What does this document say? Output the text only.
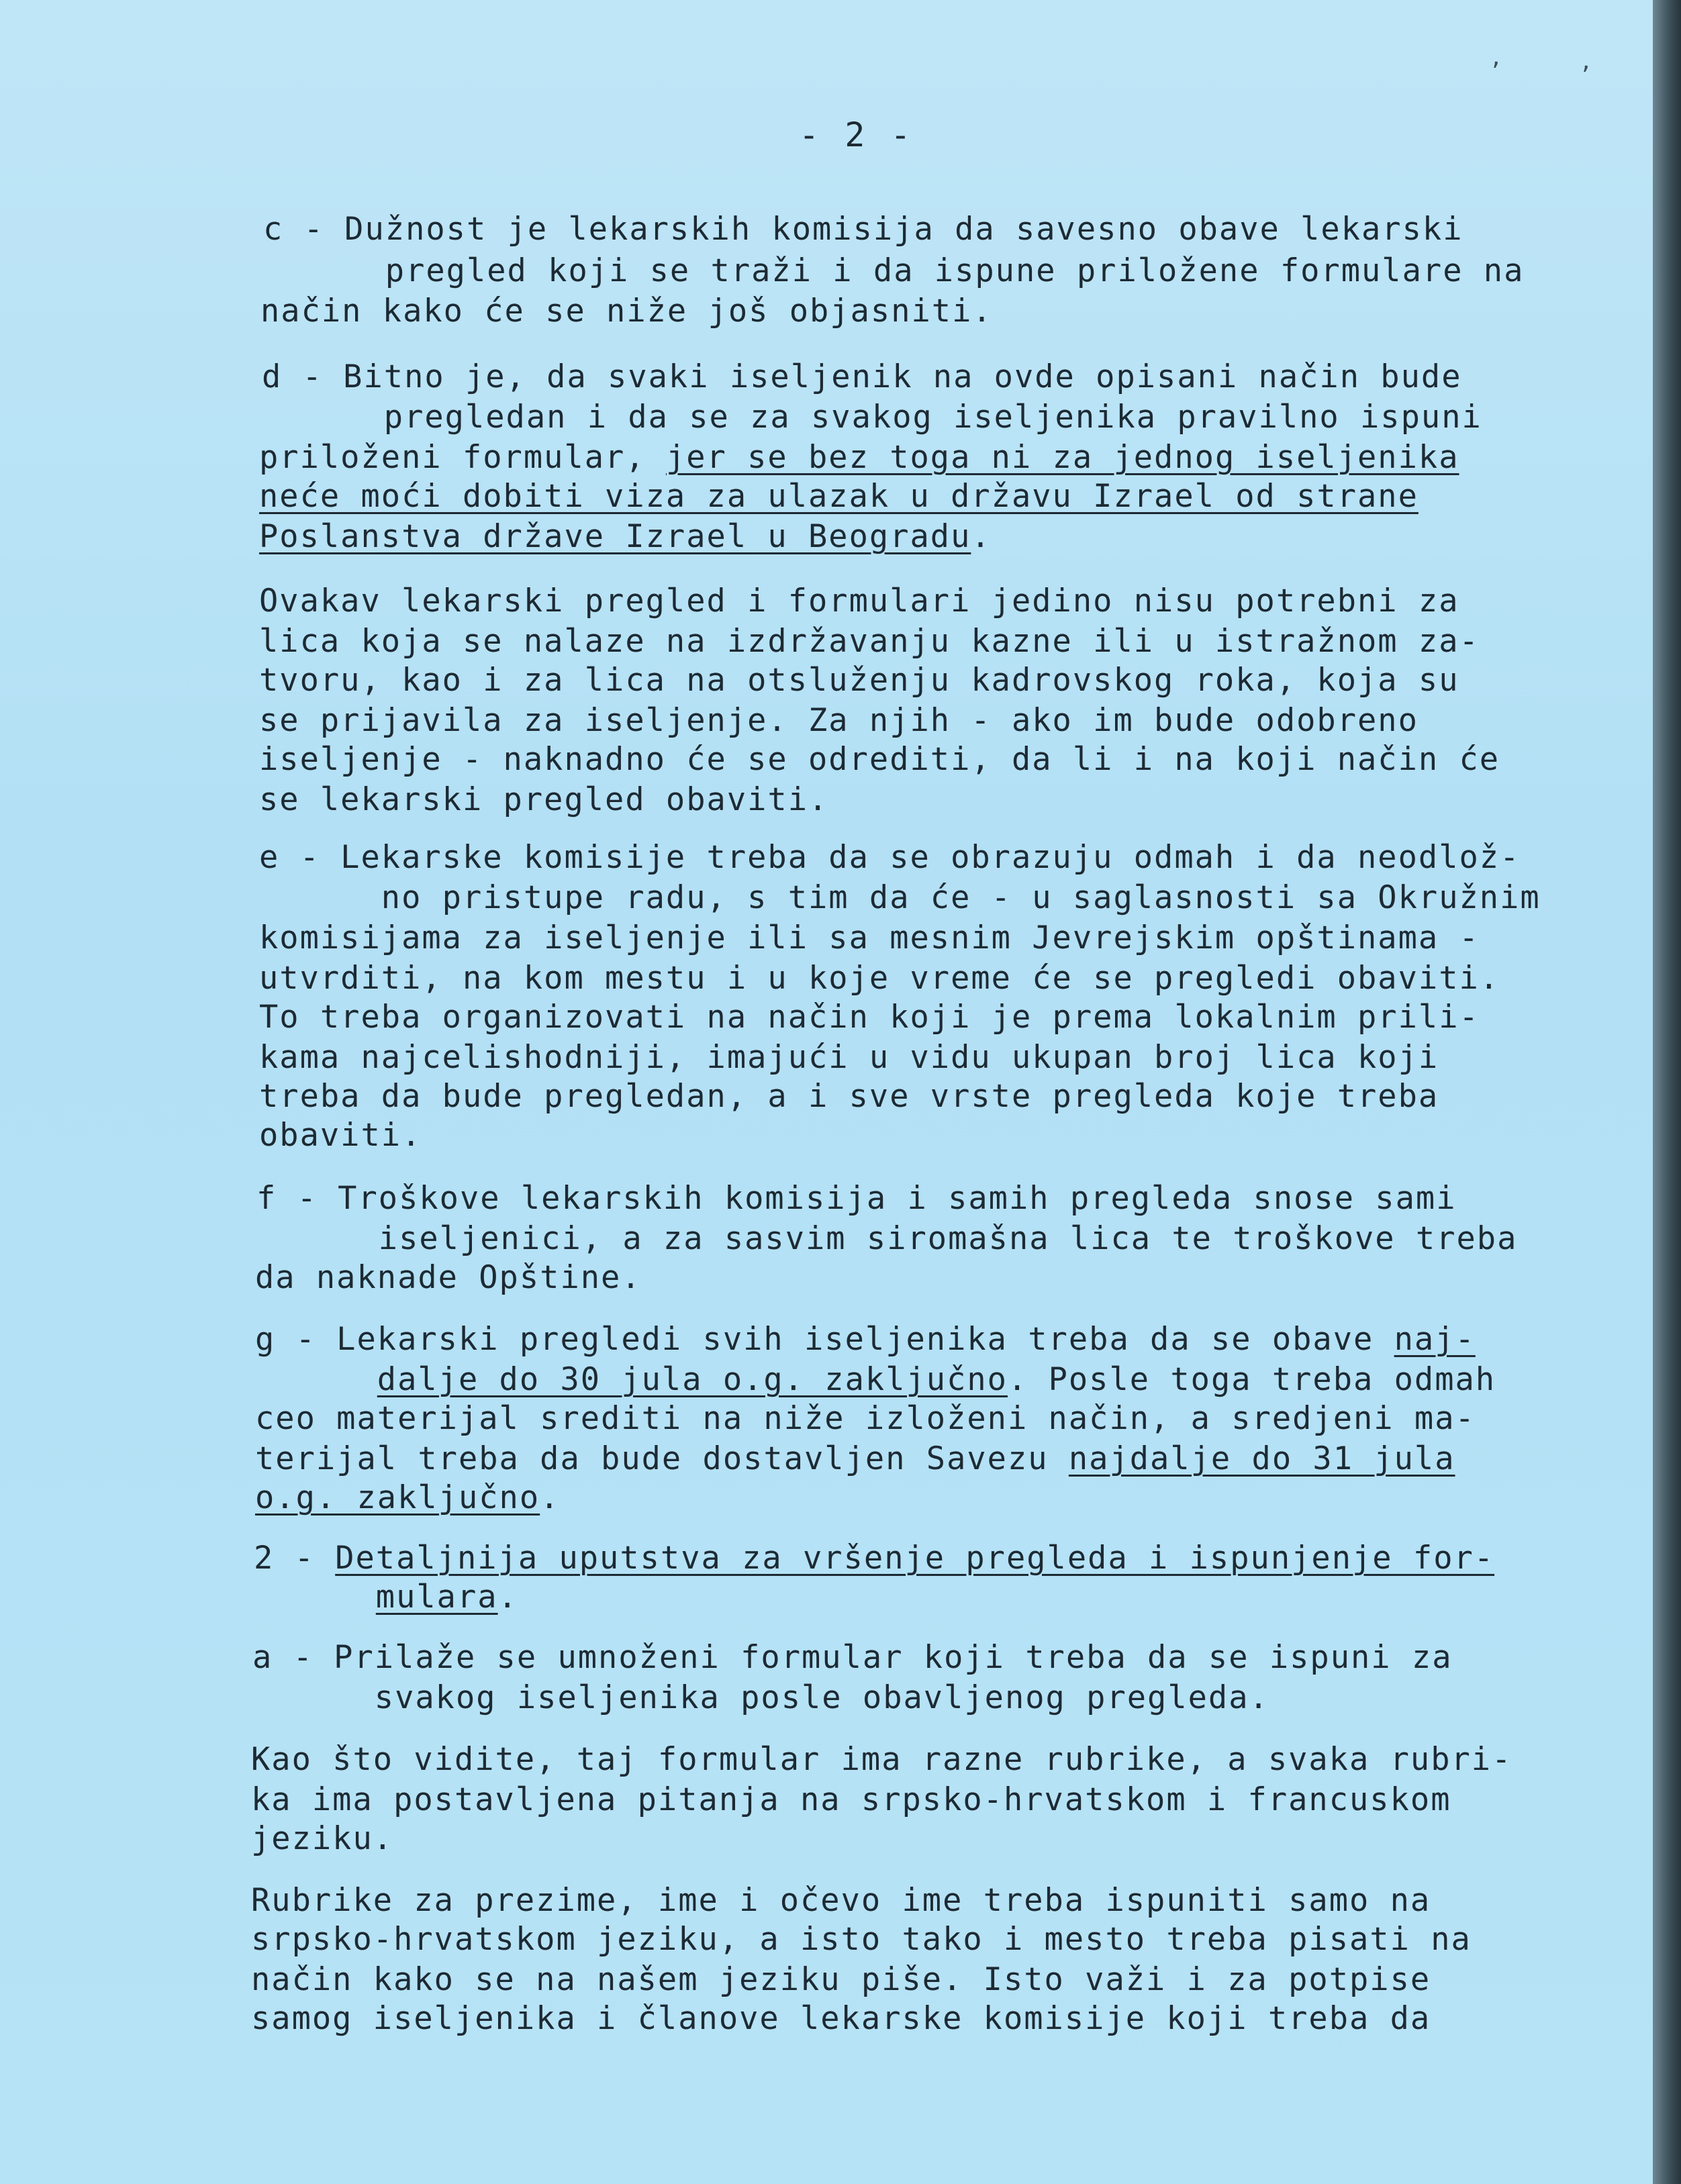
- 2 -
ʼ	ʼ

c - Dužnost je lekarskih komisija da savesno obave lekarski

pregled koji se traži i da ispune priložene formulare na

način kako će se niže još objasniti.

d - Bitno je, da svaki iseljenik na ovde opisani način bude

pregledan i da se za svakog iseljenika pravilno ispuni

priloženi formular, jer se bez toga ni za jednog iseljenika

neće moći dobiti viza za ulazak u državu Izrael od strane

Poslanstva države Izrael u Beogradu.

Ovakav lekarski pregled i formulari jedino nisu potrebni za

lica koja se nalaze na izdržavanju kazne ili u istražnom za-

tvoru, kao i za lica na otsluženju kadrovskog roka, koja su

se prijavila za iseljenje. Za njih - ako im bude odobreno

iseljenje - naknadno će se odrediti, da li i na koji način će

se lekarski pregled obaviti.

e - Lekarske komisije treba da se obrazuju odmah i da neodlož-

no pristupe radu, s tim da će - u saglasnosti sa Okružnim

komisijama za iseljenje ili sa mesnim Jevrejskim opštinama -

utvrditi, na kom mestu i u koje vreme će se pregledi obaviti.

To treba organizovati na način koji je prema lokalnim prili-

kama najcelishodniji, imajući u vidu ukupan broj lica koji

treba da bude pregledan, a i sve vrste pregleda koje treba

obaviti.

f - Troškove lekarskih komisija i samih pregleda snose sami

iseljenici, a za sasvim siromašna lica te troškove treba

da naknade Opštine.

g - Lekarski pregledi svih iseljenika treba da se obave naj-

dalje do 30 jula o.g. zaključno. Posle toga treba odmah

ceo materijal srediti na niže izloženi način, a sredjeni ma-

terijal treba da bude dostavljen Savezu najdalje do 31 jula

o.g. zaključno.

2 - Detaljnija uputstva za vršenje pregleda i ispunjenje for-

mulara.

a - Prilaže se umnoženi formular koji treba da se ispuni za

svakog iseljenika posle obavljenog pregleda.

Kao što vidite, taj formular ima razne rubrike, a svaka rubri-

ka ima postavljena pitanja na srpsko-hrvatskom i francuskom

jeziku.

Rubrike za prezime, ime i očevo ime treba ispuniti samo na

srpsko-hrvatskom jeziku, a isto tako i mesto treba pisati na

način kako se na našem jeziku piše. Isto važi i za potpise

samog iseljenika i članove lekarske komisije koji treba da
